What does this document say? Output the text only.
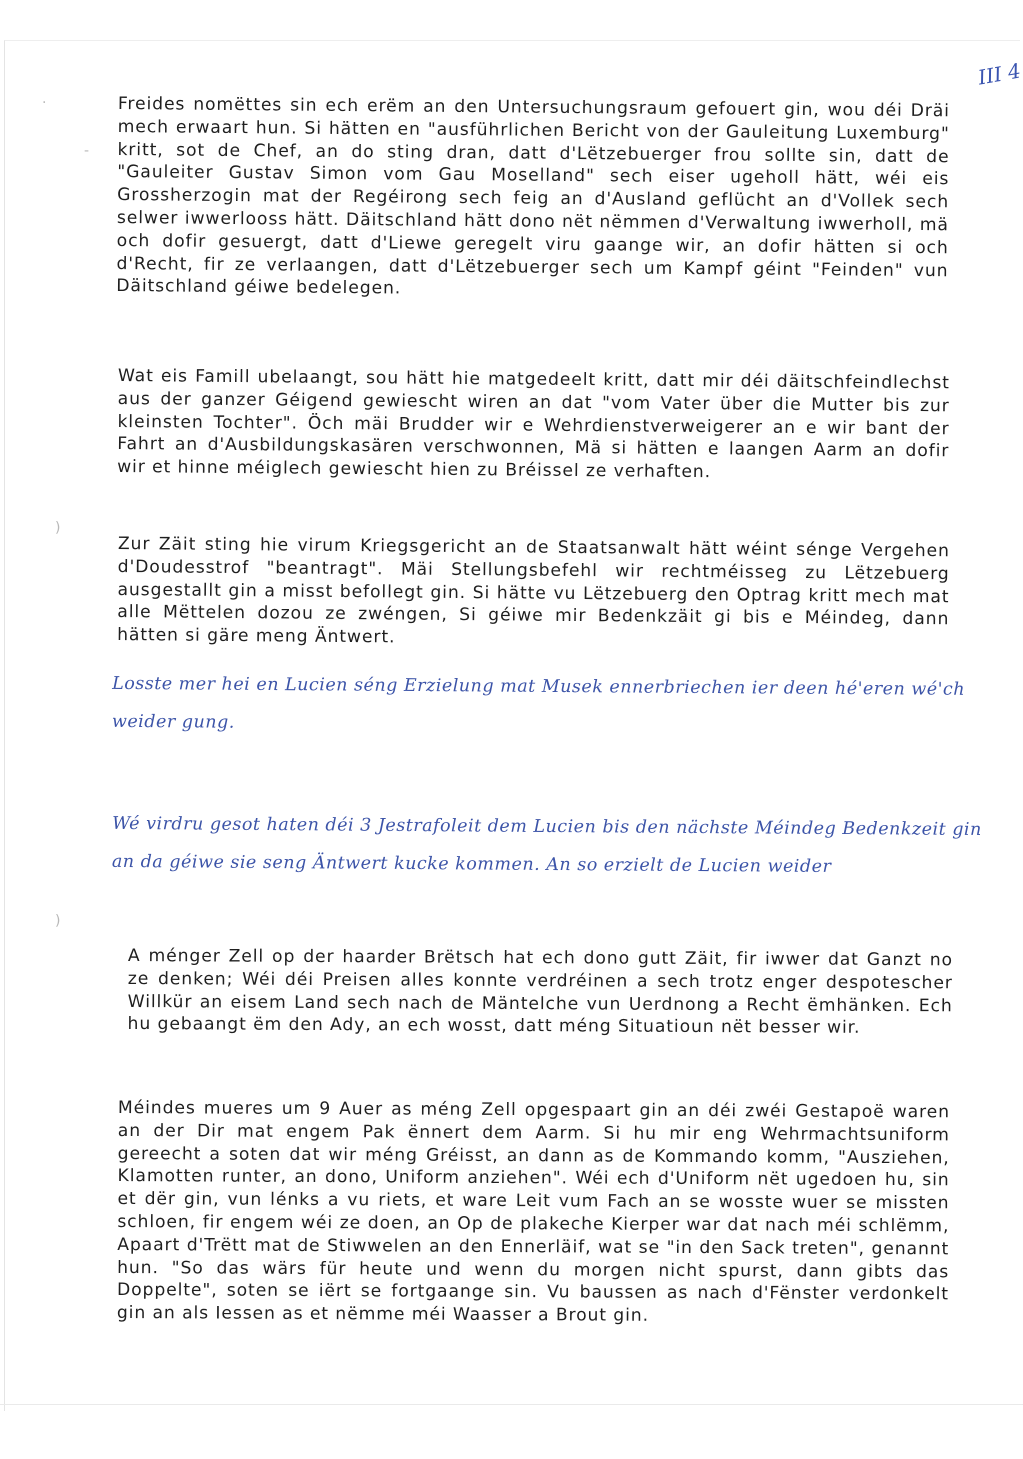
III 4
·
-
)
)

Freides nomëttes sin ech erëm an den Untersuchungsraum gefouert gin, wou déi Dräi mech erwaart hun. Si hätten en "ausführlichen Bericht von der Gauleitung Luxemburg" kritt, sot de Chef, an do sting dran, datt d'Lëtzebuerger frou sollte sin, datt de "Gauleiter Gustav Simon vom Gau Moselland" sech eiser ugeholl hätt, wéi eis Grossherzogin mat der Regéirong sech feig an d'Ausland geflücht an d'Vollek sech selwer iwwerlooss hätt. Däitschland hätt dono nët nëmmen d'Verwaltung iwwerholl, mä och dofir gesuergt, datt d'Liewe geregelt viru gaange wir, an dofir hätten si och d'Recht, fir ze verlaangen, datt d'Lëtzebuerger sech um Kampf géint "Feinden" vun Däitschland géiwe bedelegen.

Wat eis Famill ubelaangt, sou hätt hie matgedeelt kritt, datt mir déi däitschfeindlechst aus der ganzer Géigend gewiescht wiren an dat "vom Vater über die Mutter bis zur kleinsten Tochter". Öch mäi Brudder wir e Wehrdienstverweigerer an e wir bant der Fahrt an d'Ausbildungskasären verschwonnen, Mä si hätten e laangen Aarm an dofir wir et hinne méiglech gewiescht hien zu Bréissel ze verhaften.

Zur Zäit sting hie virum Kriegsgericht an de Staatsanwalt hätt wéint sénge Vergehen d'Doudesstrof "beantragt". Mäi Stellungsbefehl wir rechtméisseg zu Lëtzebuerg ausgestallt gin a misst befollegt gin. Si hätte vu Lëtzebuerg den Optrag kritt mech mat alle Mëttelen dozou ze zwéngen, Si géiwe mir Bedenkzäit gi bis e Méindeg, dann hätten si gäre meng Äntwert.

Losste mer hei en Lucien séng Erzielung mat Musek ennerbriechen ier deen hé'eren wé'ch weider gung.

Wé virdru gesot haten déi 3 Jestrafoleit dem Lucien bis den nächste Méindeg Bedenkzeit gin an da géiwe sie seng Äntwert kucke kommen. An so erzielt de Lucien weider

A ménger Zell op der haarder Brëtsch hat ech dono gutt Zäit, fir iwwer dat Ganzt no ze denken; Wéi déi Preisen alles konnte verdréinen a sech trotz enger despotescher Willkür an eisem Land sech nach de Mäntelche vun Uerdnong a Recht ëmhänken. Ech hu gebaangt ëm den Ady, an ech wosst, datt méng Situatioun nët besser wir.

Méindes mueres um 9 Auer as méng Zell opgespaart gin an déi zwéi Gestapoë waren an der Dir mat engem Pak ënnert dem Aarm. Si hu mir eng Wehrmachtsuniform gereecht a soten dat wir méng Gréisst, an dann as de Kommando komm, "Ausziehen, Klamotten runter, an dono, Uniform anziehen". Wéi ech d'Uniform nët ugedoen hu, sin et dër gin, vun lénks a vu riets, et ware Leit vum Fach an se wosste wuer se missten schloen, fir engem wéi ze doen, an Op de plakeche Kierper war dat nach méi schlëmm, Apaart d'Trëtt mat de Stiwwelen an den Ennerläif, wat se "in den Sack treten", genannt hun. "So das wärs für heute und wenn du morgen nicht spurst, dann gibts das Doppelte", soten se iërt se fortgaange sin. Vu baussen as nach d'Fënster verdonkelt gin an als Iessen as et nëmme méi Waasser a Brout gin.
